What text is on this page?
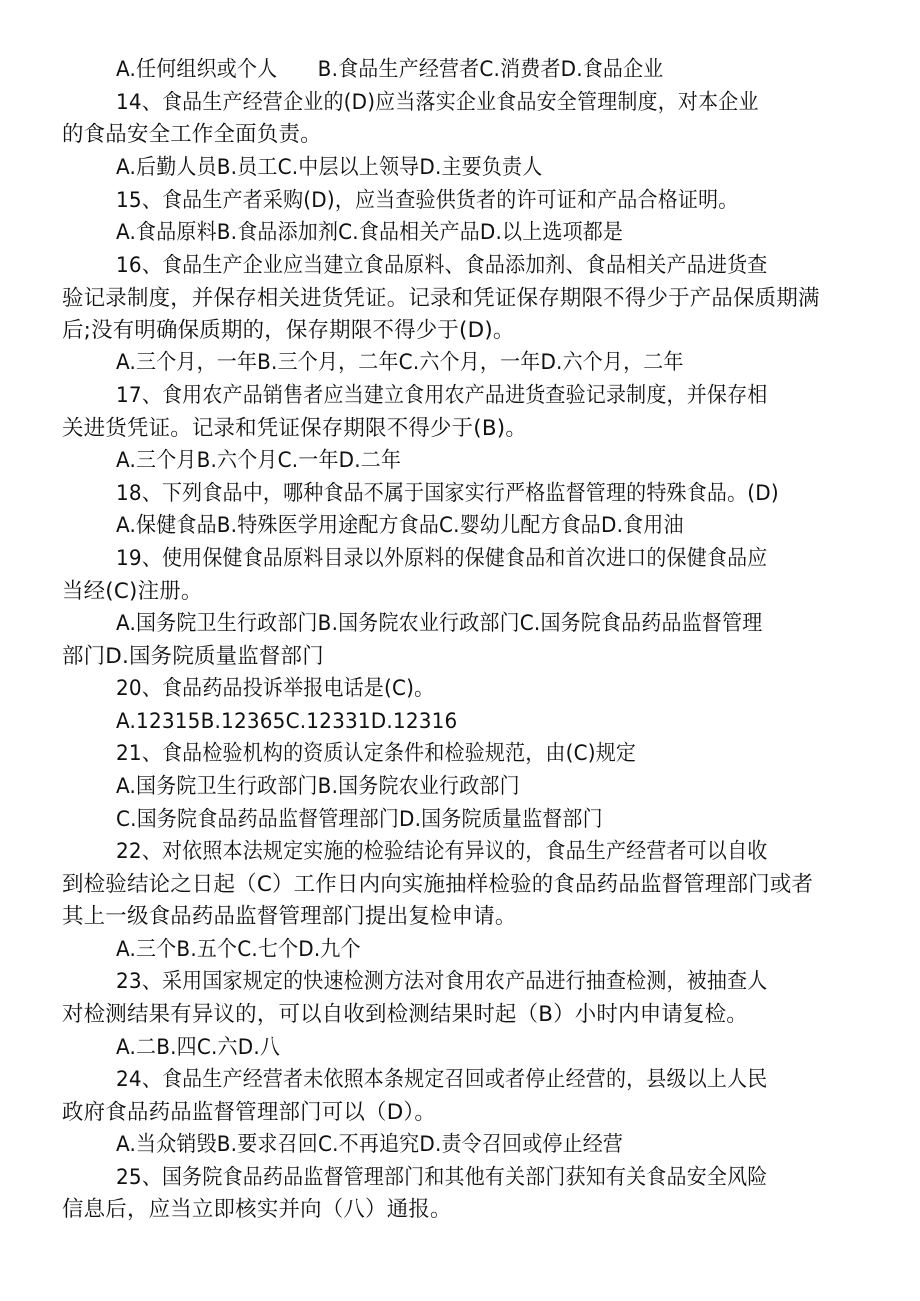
A.任何组织或个人　　B.食品生产经营者C.消费者D.食品企业
14、食品生产经营企业的(D)应当落实企业食品安全管理制度，对本企业
的食品安全工作全面负责。
A.后勤人员B.员工C.中层以上领导D.主要负责人
15、食品生产者采购(D)，应当查验供货者的许可证和产品合格证明。
A.食品原料B.食品添加剂C.食品相关产品D.以上选项都是
16、食品生产企业应当建立食品原料、食品添加剂、食品相关产品进货查
验记录制度，并保存相关进货凭证。记录和凭证保存期限不得少于产品保质期满
后;没有明确保质期的，保存期限不得少于(D)。
A.三个月，一年B.三个月，二年C.六个月，一年D.六个月，二年
17、食用农产品销售者应当建立食用农产品进货查验记录制度，并保存相
关进货凭证。记录和凭证保存期限不得少于(B)。
A.三个月B.六个月C.一年D.二年
18、下列食品中，哪种食品不属于国家实行严格监督管理的特殊食品。(D)
A.保健食品B.特殊医学用途配方食品C.婴幼儿配方食品D.食用油
19、使用保健食品原料目录以外原料的保健食品和首次进口的保健食品应
当经(C)注册。
A.国务院卫生行政部门B.国务院农业行政部门C.国务院食品药品监督管理
部门D.国务院质量监督部门
20、食品药品投诉举报电话是(C)。
A.12315B.12365C.12331D.12316
21、食品检验机构的资质认定条件和检验规范，由(C)规定
A.国务院卫生行政部门B.国务院农业行政部门
C.国务院食品药品监督管理部门D.国务院质量监督部门
22、对依照本法规定实施的检验结论有异议的，食品生产经营者可以自收
到检验结论之日起（C）工作日内向实施抽样检验的食品药品监督管理部门或者
其上一级食品药品监督管理部门提出复检申请。
A.三个B.五个C.七个D.九个
23、采用国家规定的快速检测方法对食用农产品进行抽查检测，被抽查人
对检测结果有异议的，可以自收到检测结果时起（B）小时内申请复检。
A.二B.四C.六D.八
24、食品生产经营者未依照本条规定召回或者停止经营的，县级以上人民
政府食品药品监督管理部门可以（D）。
A.当众销毁B.要求召回C.不再追究D.责令召回或停止经营
25、国务院食品药品监督管理部门和其他有关部门获知有关食品安全风险
信息后，应当立即核实并向（八）通报。
